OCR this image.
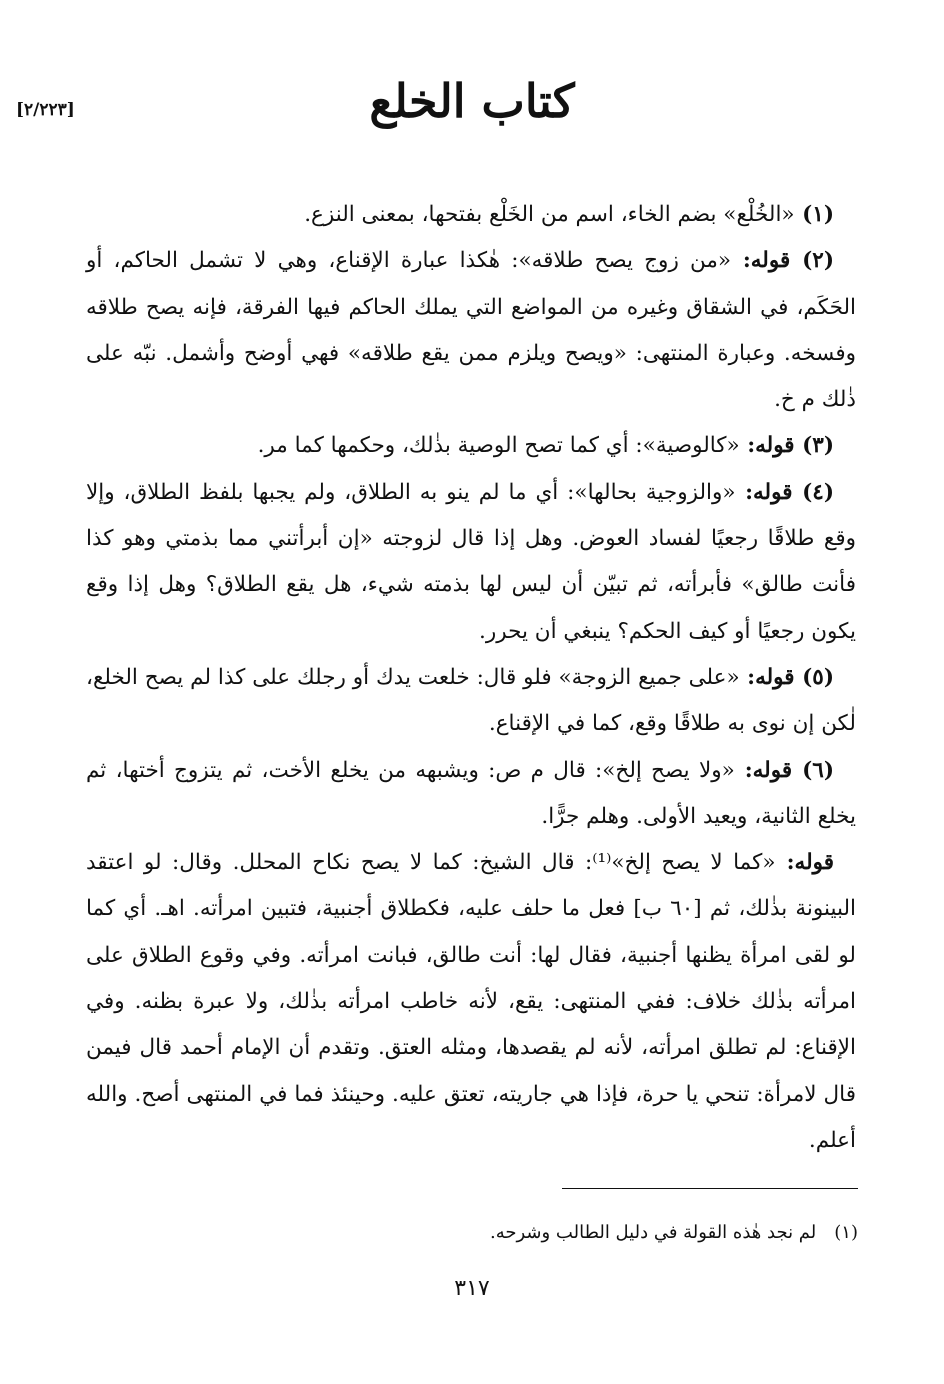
[٢/٢٢٣]	كتاب الخلع

(١) «الخُلْع» بضم الخاء، اسم من الخَلْع بفتحها، بمعنى النزع.

(٢) قوله: «من زوج يصح طلاقه»: هٰكذا عبارة الإقناع، وهي لا تشمل الحاكم، أو الحَكَم، في الشقاق وغيره من المواضع التي يملك الحاكم فيها الفرقة، فإنه يصح طلاقه وفسخه. وعبارة المنتهى: «ويصح ويلزم ممن يقع طلاقه» فهي أوضح وأشمل. نبّه على ذٰلك م خ.

(٣) قوله: «كالوصية»: أي كما تصح الوصية بذٰلك، وحكمها كما مر.

(٤) قوله: «والزوجية بحالها»: أي ما لم ينو به الطلاق، ولم يجبها بلفظ الطلاق، وإلا وقع طلاقًا رجعيًا لفساد العوض. وهل إذا قال لزوجته «إن أبرأتني مما بذمتي وهو كذا فأنت طالق» فأبرأته، ثم تبيّن أن ليس لها بذمته شيء، هل يقع الطلاق؟ وهل إذا وقع يكون رجعيًا أو كيف الحكم؟ ينبغي أن يحرر.

(٥) قوله: «على جميع الزوجة» فلو قال: خلعت يدك أو رجلك على كذا لم يصح الخلع، لٰكن إن نوى به طلاقًا وقع، كما في الإقناع.

(٦) قوله: «ولا يصح إلخ»: قال م ص: ويشبهه من يخلع الأخت، ثم يتزوج أختها، ثم يخلع الثانية، ويعيد الأولى. وهلم جرًّا.

قوله: «كما لا يصح إلخ»⁽¹⁾: قال الشيخ: كما لا يصح نكاح المحلل. وقال: لو اعتقد البينونة بذٰلك، ثم [٦٠ ب] فعل ما حلف عليه، فكطلاق أجنبية، فتبين امرأته. اهـ. أي كما لو لقى امرأة يظنها أجنبية، فقال لها: أنت طالق، فبانت امرأته. وفي وقوع الطلاق على امرأته بذٰلك خلاف: ففي المنتهى: يقع، لأنه خاطب امرأته بذٰلك، ولا عبرة بظنه. وفي الإقناع: لم تطلق امرأته، لأنه لم يقصدها، ومثله العتق. وتقدم أن الإمام أحمد قال فيمن قال لامرأة: تنحي يا حرة، فإذا هي جاريته، تعتق عليه. وحينئذ فما في المنتهى أصح. والله أعلم.

(١)لم نجد هٰذه القولة في دليل الطالب وشرحه.
٣١٧
